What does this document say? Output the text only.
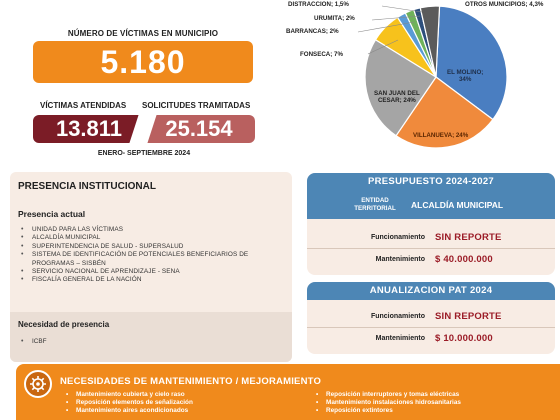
NÚMERO DE VÍCTIMAS EN MUNICIPIO
5.180
VÍCTIMAS ATENDIDAS SOLICITUDES TRAMITADAS
13.811	25.154
ENERO- SEPTIEMBRE 2024
DISTRACCION; 1,5%
URUMITA; 2%
BARRANCAS; 2%
FONSECA; 7%
OTROS MUNICIPIOS; 4,3%
EL MOLINO;
34%
SAN JUAN DEL
CESAR; 24%
VILLANUEVA; 24%
PRESENCIA INSTITUCIONAL
Presencia actual
• UNIDAD PARA LAS VÍCTIMAS
• ALCALDÍA MUNICIPAL
• SUPERINTENDENCIA DE SALUD - SUPERSALUD
• SISTEMA DE IDENTIFICACIÓN DE POTENCIALES BENEFICIARIOS DE PROGRAMAS – SISBÉN
• SERVICIO NACIONAL DE APRENDIZAJE - SENA
• FISCALÍA GENERAL DE LA NACIÓN
Necesidad de presencia
• ICBF
PRESUPUESTO 2024-2027
ENTIDAD TERRITORIAL	ALCALDÍA MUNICIPAL
Funcionamiento SIN REPORTE
Mantenimiento $ 40.000.000
ANUALIZACION PAT 2024
Funcionamiento SIN REPORTE
Mantenimiento $ 10.000.000
NECESIDADES DE MANTENIMIENTO / MEJORAMIENTO
• Mantenimiento cubierta y cielo raso
• Reposición elementos de señalización
• Mantenimiento aires acondicionados
• Reposición interruptores y tomas eléctricas
• Mantenimiento instalaciones hidrosanitarias
• Reposición extintores
